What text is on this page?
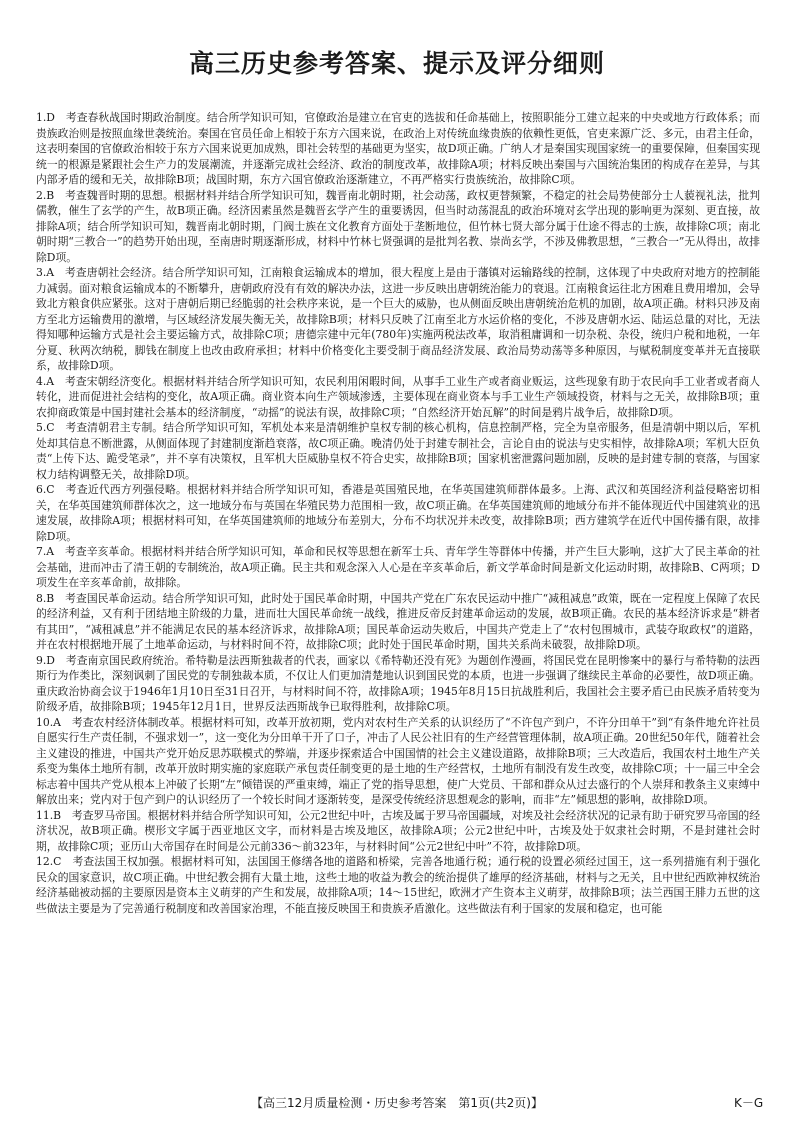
高三历史参考答案、提示及评分细则

1.D　考查春秋战国时期政治制度。结合所学知识可知，官僚政治是建立在官吏的选拔和任命基础上，按照职能分工建立起来的中央或地方行政体系；而贵族政治则是按照血缘世袭统治。秦国在官员任命上相较于东方六国来说，在政治上对传统血缘贵族的依赖性更低，官吏来源广泛、多元，由君主任命，这表明秦国的官僚政治相较于东方六国来说更加成熟，即社会转型的基础更为坚实，故D项正确。广纳人才是秦国实现国家统一的重要保障，但秦国实现统一的根源是紧跟社会生产力的发展潮流，并逐渐完成社会经济、政治的制度改革，故排除A项；材料反映出秦国与六国统治集团的构成存在差异，与其内部矛盾的缓和无关，故排除B项；战国时期，东方六国官僚政治逐渐建立，不再严格实行贵族统治，故排除C项。

2.B　考查魏晋时期的思想。根据材料并结合所学知识可知，魏晋南北朝时期，社会动荡，政权更替频繁，不稳定的社会局势使部分士人藐视礼法，批判儒教，催生了玄学的产生，故B项正确。经济因素虽然是魏晋玄学产生的重要诱因，但当时动荡混乱的政治环境对玄学出现的影响更为深刻、更直接，故排除A项；结合所学知识可知，魏晋南北朝时期，门阀士族在文化教育方面处于垄断地位，但竹林七贤大部分属于仕途不得志的士族，故排除C项；南北朝时期“三教合一”的趋势开始出现，至南唐时期逐渐形成，材料中竹林七贤强调的是批判名教、崇尚玄学，不涉及佛教思想，“三教合一”无从得出，故排除D项。

3.A　考查唐朝社会经济。结合所学知识可知，江南粮食运输成本的增加，很大程度上是由于藩镇对运输路线的控制，这体现了中央政府对地方的控制能力减弱。面对粮食运输成本的不断攀升，唐朝政府没有有效的解决办法，这进一步反映出唐朝统治能力的衰退。江南粮食运往北方困难且费用增加，会导致北方粮食供应紧张。这对于唐朝后期已经脆弱的社会秩序来说，是一个巨大的威胁，也从侧面反映出唐朝统治危机的加剧，故A项正确。材料只涉及南方至北方运输费用的激增，与区域经济发展失衡无关，故排除B项；材料只反映了江南至北方水运价格的变化，不涉及唐朝水运、陆运总量的对比，无法得知哪种运输方式是社会主要运输方式，故排除C项；唐德宗建中元年(780年)实施两税法改革，取消租庸调和一切杂税、杂役，统归户税和地税，一年分夏、秋两次纳税，脚钱在制度上也改由政府承担；材料中价格变化主要受制于商品经济发展、政治局势动荡等多种原因，与赋税制度变革并无直接联系，故排除D项。

4.A　考查宋朝经济变化。根据材料并结合所学知识可知，农民利用闲暇时间，从事手工业生产或者商业贩运，这些现象有助于农民向手工业者或者商人转化，进而促进社会结构的变化，故A项正确。商业资本向生产领域渗透，主要体现在商业资本与手工业生产领域投资，材料与之无关，故排除B项；重农抑商政策是中国封建社会基本的经济制度，“动摇”的说法有误，故排除C项；“自然经济开始瓦解”的时间是鸦片战争后，故排除D项。

5.C　考查清朝君主专制。结合所学知识可知，军机处本来是清朝维护皇权专制的核心机构，信息控制严格，完全为皇帝服务，但是清朝中期以后，军机处却其信息不断泄露，从侧面体现了封建制度渐趋衰落，故C项正确。晚清仍处于封建专制社会，言论自由的说法与史实相悖，故排除A项；军机大臣负责“上传下达、跪受笔录”，并不享有决策权，且军机大臣威胁皇权不符合史实，故排除B项；国家机密泄露问题加剧，反映的是封建专制的衰落，与国家权力结构调整无关，故排除D项。

6.C　考查近代西方列强侵略。根据材料并结合所学知识可知，香港是英国殖民地，在华英国建筑师群体最多。上海、武汉和英国经济利益侵略密切相关，在华英国建筑师群体次之，这一地域分布与英国在华殖民势力范围相一致，故C项正确。在华英国建筑师的地域分布并不能体现近代中国建筑业的迅速发展，故排除A项；根据材料可知，在华英国建筑师的地域分布差别大，分布不均状况并未改变，故排除B项；西方建筑学在近代中国传播有限，故排除D项。

7.A　考查辛亥革命。根据材料并结合所学知识可知，革命和民权等思想在新军士兵、青年学生等群体中传播，并产生巨大影响，这扩大了民主革命的社会基础，进而冲击了清王朝的专制统治，故A项正确。民主共和观念深入人心是在辛亥革命后，新文学革命时间是新文化运动时期，故排除B、C两项；D项发生在辛亥革命前，故排除。

8.B　考查国民革命运动。结合所学知识可知，此时处于国民革命时期，中国共产党在广东农民运动中推广“减租减息”政策，既在一定程度上保障了农民的经济利益，又有利于团结地主阶级的力量，进而壮大国民革命统一战线，推进反帝反封建革命运动的发展，故B项正确。农民的基本经济诉求是“耕者有其田”，“减租减息”并不能满足农民的基本经济诉求，故排除A项；国民革命运动失败后，中国共产党走上了“农村包围城市，武装夺取政权”的道路，并在农村根据地开展了土地革命运动，与材料时间不符，故排除C项；此时处于国民革命时期，国共关系尚未破裂，故排除D项。

9.D　考查南京国民政府统治。希特勒是法西斯独裁者的代表，画家以《希特勒还没有死》为题创作漫画，将国民党在昆明惨案中的暴行与希特勒的法西斯行为作类比，深刻讽刺了国民党的专制独裁本质，不仅让人们更加清楚地认识到国民党的本质，也进一步强调了继续民主革命的必要性，故D项正确。重庆政治协商会议于1946年1月10日至31日召开，与材料时间不符，故排除A项；1945年8月15日抗战胜利后，我国社会主要矛盾已由民族矛盾转变为阶级矛盾，故排除B项；1945年12月1日，世界反法西斯战争已取得胜利，故排除C项。

10.A　考查农村经济体制改革。根据材料可知，改革开放初期，党内对农村生产关系的认识经历了“不许包产到户，不许分田单干”到“有条件地允许社员自愿实行生产责任制，不强求划一”，这一变化为分田单干开了口子，冲击了人民公社旧有的生产经营管理体制，故A项正确。20世纪50年代，随着社会主义建设的推进，中国共产党开始反思苏联模式的弊端，并逐步探索适合中国国情的社会主义建设道路，故排除B项；三大改造后，我国农村土地生产关系变为集体土地所有制，改革开放时期实施的家庭联产承包责任制变更的是土地的生产经营权，土地所有制没有发生改变，故排除C项；十一届三中全会标志着中国共产党从根本上冲破了长期“左”倾错误的严重束缚，端正了党的指导思想，使广大党员、干部和群众从过去盛行的个人崇拜和教条主义束缚中解放出来；党内对于包产到户的认识经历了一个较长时间才逐渐转变，是深受传统经济思想观念的影响，而非“左”倾思想的影响，故排除D项。

11.B　考查罗马帝国。根据材料并结合所学知识可知，公元2世纪中叶，古埃及属于罗马帝国疆域，对埃及社会经济状况的记录有助于研究罗马帝国的经济状况，故B项正确。楔形文字属于西亚地区文字，而材料是古埃及地区，故排除A项；公元2世纪中叶，古埃及处于奴隶社会时期，不是封建社会时期，故排除C项；亚历山大帝国存在时间是公元前336～前323年，与材料时间“公元2世纪中叶”不符，故排除D项。

12.C　考查法国王权加强。根据材料可知，法国国王修缮各地的道路和桥梁，完善各地通行税；通行税的设置必须经过国王，这一系列措施有利于强化民众的国家意识，故C项正确。中世纪教会拥有大量土地，这些土地的收益为教会的统治提供了雄厚的经济基础，材料与之无关，且中世纪西欧神权统治经济基础被动摇的主要原因是资本主义萌芽的产生和发展，故排除A项；14～15世纪，欧洲才产生资本主义萌芽，故排除B项；法兰西国王腓力五世的这些做法主要是为了完善通行税制度和改善国家治理，不能直接反映国王和贵族矛盾激化。这些做法有利于国家的发展和稳定，也可能

【高三12月质量检测・历史参考答案　第1页(共2页)】	K－G
